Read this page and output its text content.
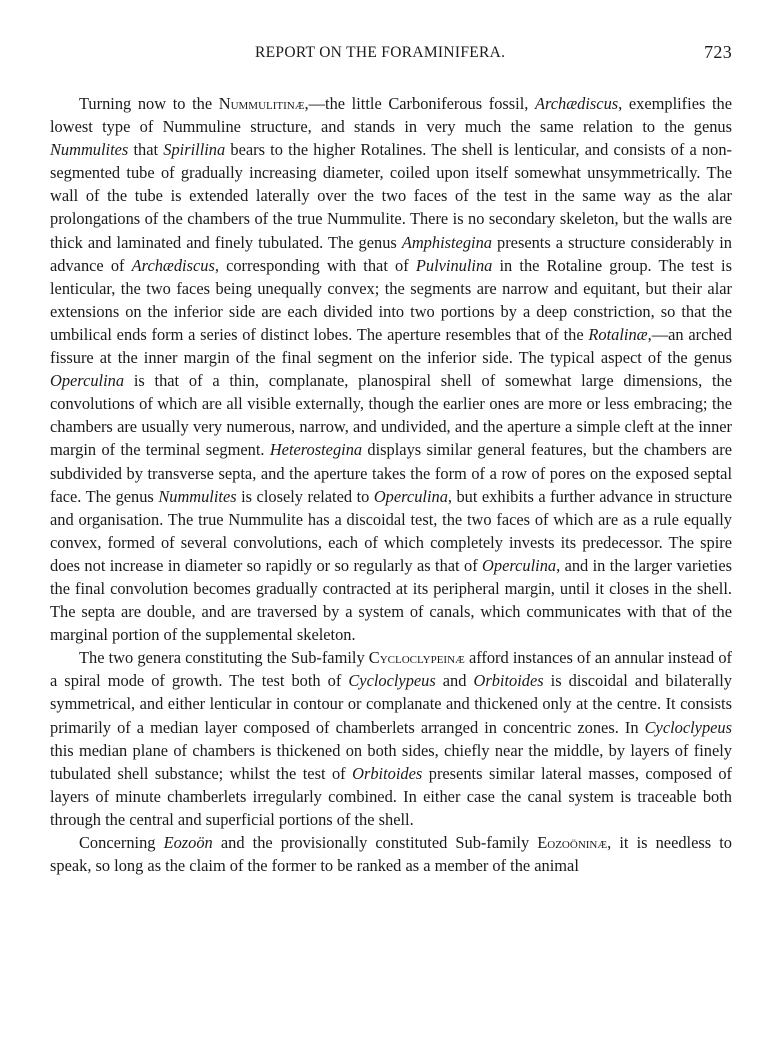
REPORT ON THE FORAMINIFERA.	723

Turning now to the Nummulitinæ,—the little Carboniferous fossil, Archædiscus, exemplifies the lowest type of Nummuline structure, and stands in very much the same relation to the genus Nummulites that Spirillina bears to the higher Rotalines. The shell is lenticular, and consists of a non-segmented tube of gradually increasing diameter, coiled upon itself somewhat unsymmetrically. The wall of the tube is extended laterally over the two faces of the test in the same way as the alar prolongations of the chambers of the true Nummulite. There is no secondary skeleton, but the walls are thick and laminated and finely tubulated. The genus Amphistegina presents a structure considerably in advance of Archædiscus, corresponding with that of Pulvinulina in the Rotaline group. The test is lenticular, the two faces being unequally convex; the segments are narrow and equitant, but their alar extensions on the inferior side are each divided into two portions by a deep constriction, so that the umbilical ends form a series of distinct lobes. The aperture resembles that of the Rotalinæ,—an arched fissure at the inner margin of the final segment on the inferior side. The typical aspect of the genus Operculina is that of a thin, complanate, planospiral shell of somewhat large dimensions, the convolutions of which are all visible externally, though the earlier ones are more or less embracing; the chambers are usually very numerous, narrow, and undivided, and the aperture a simple cleft at the inner margin of the terminal segment. Heterostegina displays similar general features, but the chambers are subdivided by transverse septa, and the aperture takes the form of a row of pores on the exposed septal face. The genus Nummulites is closely related to Operculina, but exhibits a further advance in structure and organisation. The true Nummulite has a discoidal test, the two faces of which are as a rule equally convex, formed of several convolutions, each of which completely invests its predecessor. The spire does not increase in diameter so rapidly or so regularly as that of Operculina, and in the larger varieties the final convolution becomes gradually contracted at its peripheral margin, until it closes in the shell. The septa are double, and are traversed by a system of canals, which communicates with that of the marginal portion of the supplemental skeleton.

The two genera constituting the Sub-family Cycloclypeinæ afford instances of an annular instead of a spiral mode of growth. The test both of Cycloclypeus and Orbitoides is discoidal and bilaterally symmetrical, and either lenticular in contour or complanate and thickened only at the centre. It consists primarily of a median layer composed of chamberlets arranged in concentric zones. In Cycloclypeus this median plane of chambers is thickened on both sides, chiefly near the middle, by layers of finely tubulated shell substance; whilst the test of Orbitoides presents similar lateral masses, composed of layers of minute chamberlets irregularly combined. In either case the canal system is traceable both through the central and superficial portions of the shell.

Concerning Eozoön and the provisionally constituted Sub-family Eozoöninæ, it is needless to speak, so long as the claim of the former to be ranked as a member of the animal
